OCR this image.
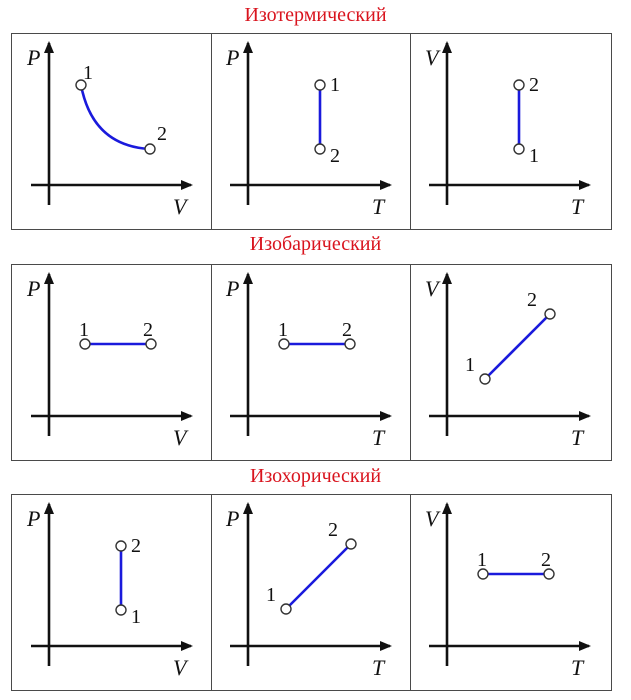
Изотермический
Изобарический
Изохорический
P
V
1
2
P
T
1
2
V
T
2
1
P
V
1	2
P
T
1	2
V
T
1
2
P
V
2
1
P
T
1
2	V
T
1	2
